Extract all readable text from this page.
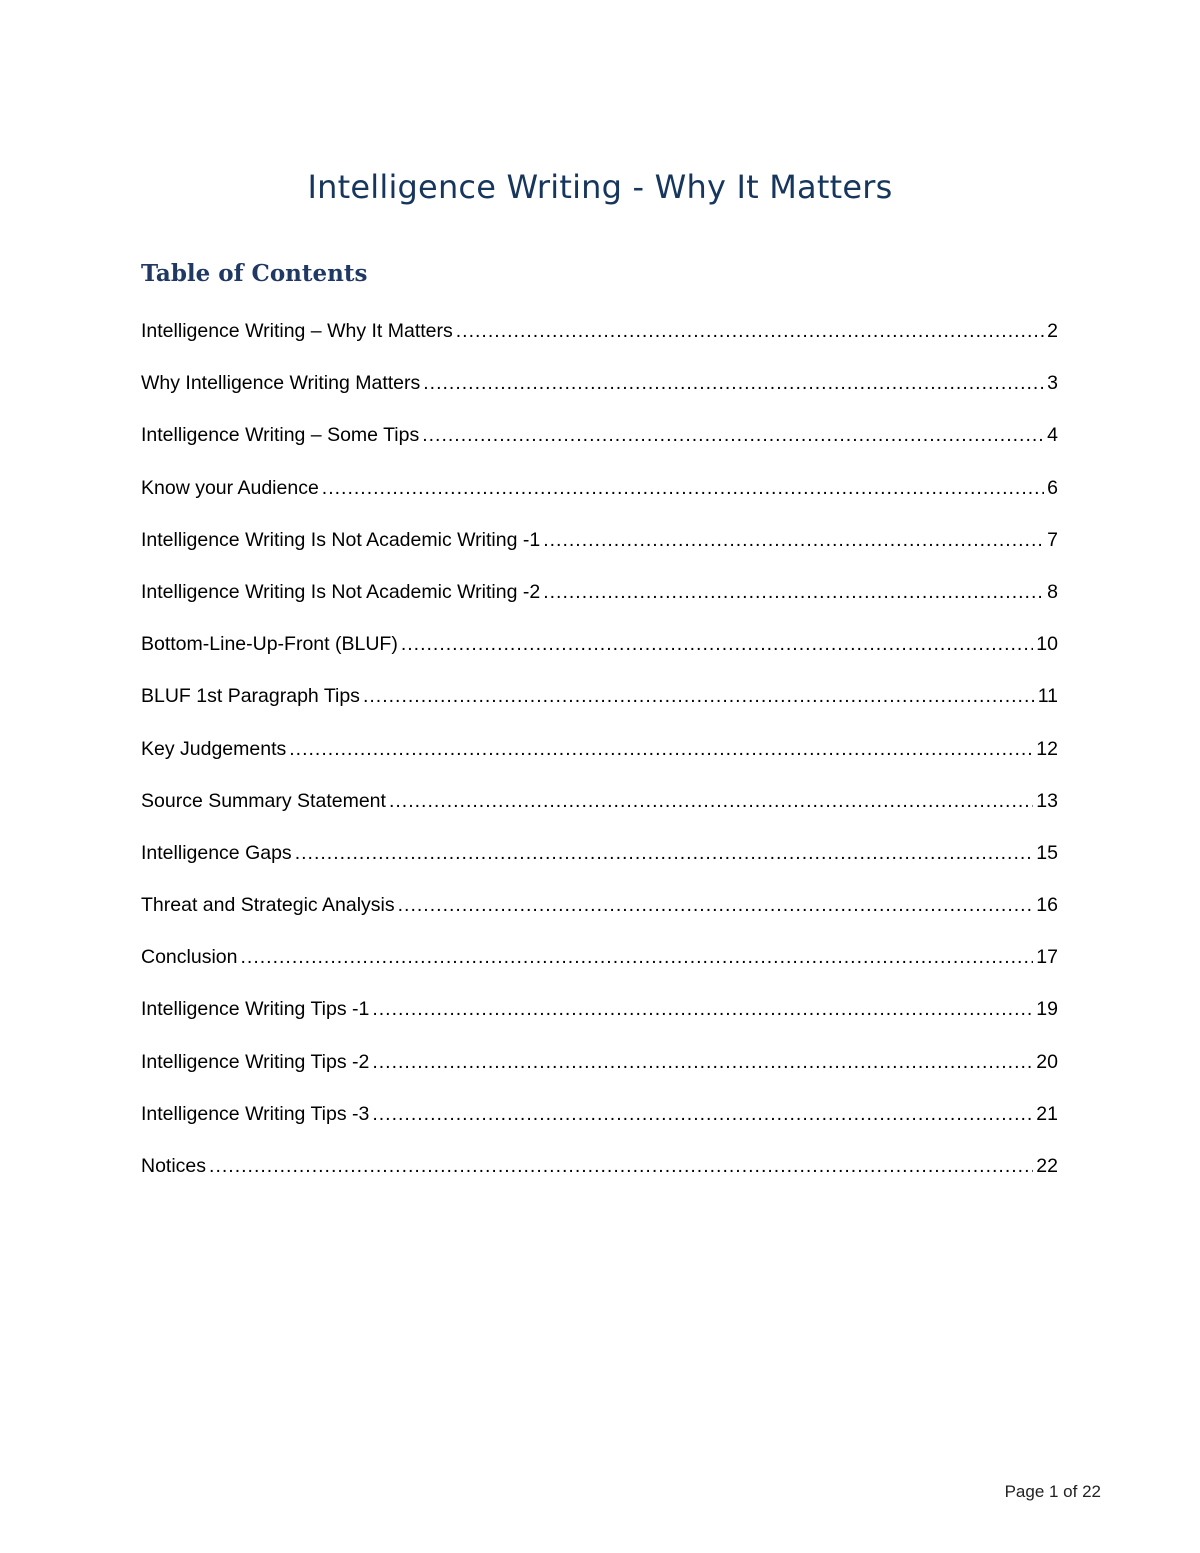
Intelligence Writing - Why It Matters
Table of Contents
Intelligence Writing – Why It Matters .....	2
Why Intelligence Writing Matters .....	3
Intelligence Writing – Some Tips .....	4
Know your Audience .....	6
Intelligence Writing Is Not Academic Writing -1 .....	7
Intelligence Writing Is Not Academic Writing -2 .....	8
Bottom-Line-Up-Front (BLUF) .....	10
BLUF 1st Paragraph Tips .....	11
Key Judgements .....	12
Source Summary Statement .....	13
Intelligence Gaps .....	15
Threat and Strategic Analysis .....	16
Conclusion .....	17
Intelligence Writing Tips -1 .....	19
Intelligence Writing Tips -2 .....	20
Intelligence Writing Tips -3 .....	21
Notices .....	22
Page 1 of 22
